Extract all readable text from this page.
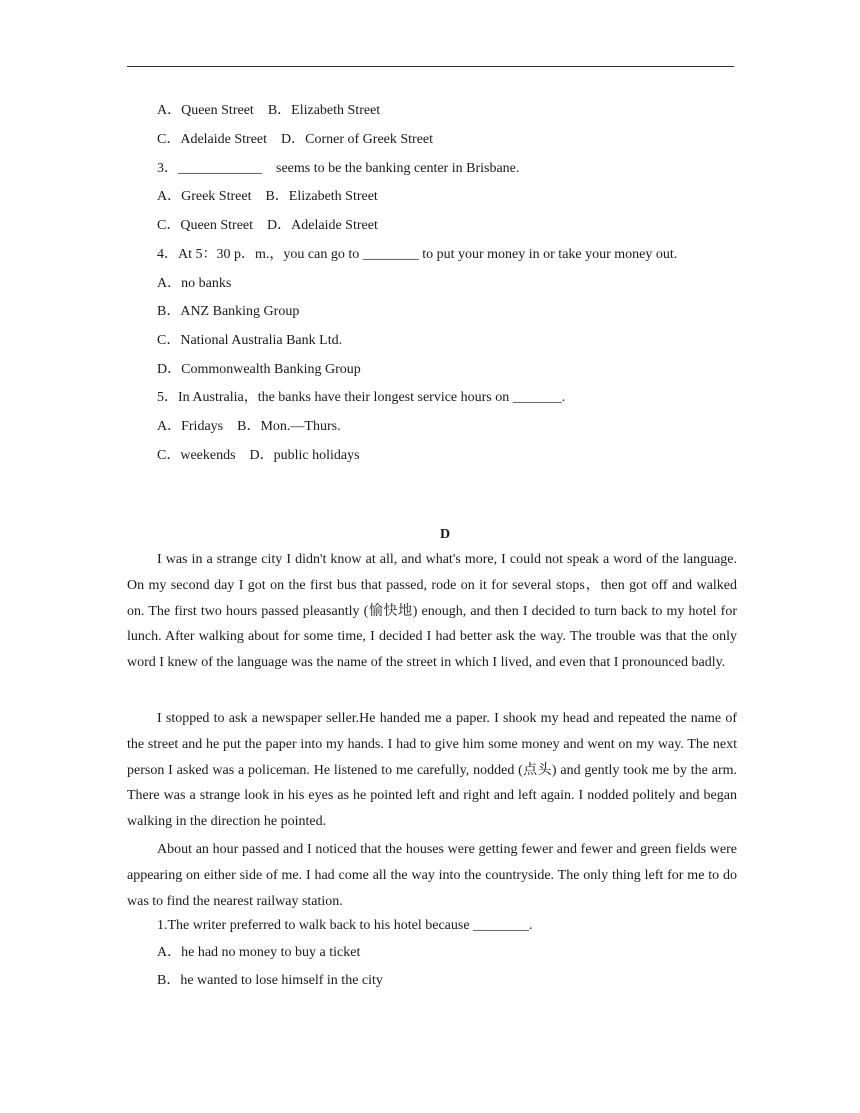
A．Queen Street B．Elizabeth Street
C．Adelaide Street D．Corner of Greek Street
3．____________ seems to be the banking center in Brisbane.
A．Greek Street B．Elizabeth Street
C．Queen Street D．Adelaide Street
4．At 5：30 p．m.，you can go to ________ to put your money in or take your money out.
A．no banks
B．ANZ Banking Group
C．National Australia Bank Ltd.
D．Commonwealth Banking Group
5．In Australia，the banks have their longest service hours on _______.
A．Fridays B．Mon.—Thurs.
C．weekends D．public holidays
D
I was in a strange city I didn't know at all, and what's more, I could not speak a word of the language. On my second day I got on the first bus that passed, rode on it for several stops，then got off and walked on. The first two hours passed pleasantly (愉快地) enough, and then I decided to turn back to my hotel for lunch. After walking about for some time, I decided I had better ask the way. The trouble was that the only word I knew of the language was the name of the street in which I lived, and even that I pronounced badly.
I stopped to ask a newspaper seller.He handed me a paper. I shook my head and repeated the name of the street and he put the paper into my hands. I had to give him some money and went on my way. The next person I asked was a policeman. He listened to me carefully, nodded (点头) and gently took me by the arm. There was a strange look in his eyes as he pointed left and right and left again. I nodded politely and began walking in the direction he pointed.
About an hour passed and I noticed that the houses were getting fewer and fewer and green fields were appearing on either side of me. I had come all the way into the countryside. The only thing left for me to do was to find the nearest railway station.
1.The writer preferred to walk back to his hotel because ________.
A．he had no money to buy a ticket
B．he wanted to lose himself in the city
